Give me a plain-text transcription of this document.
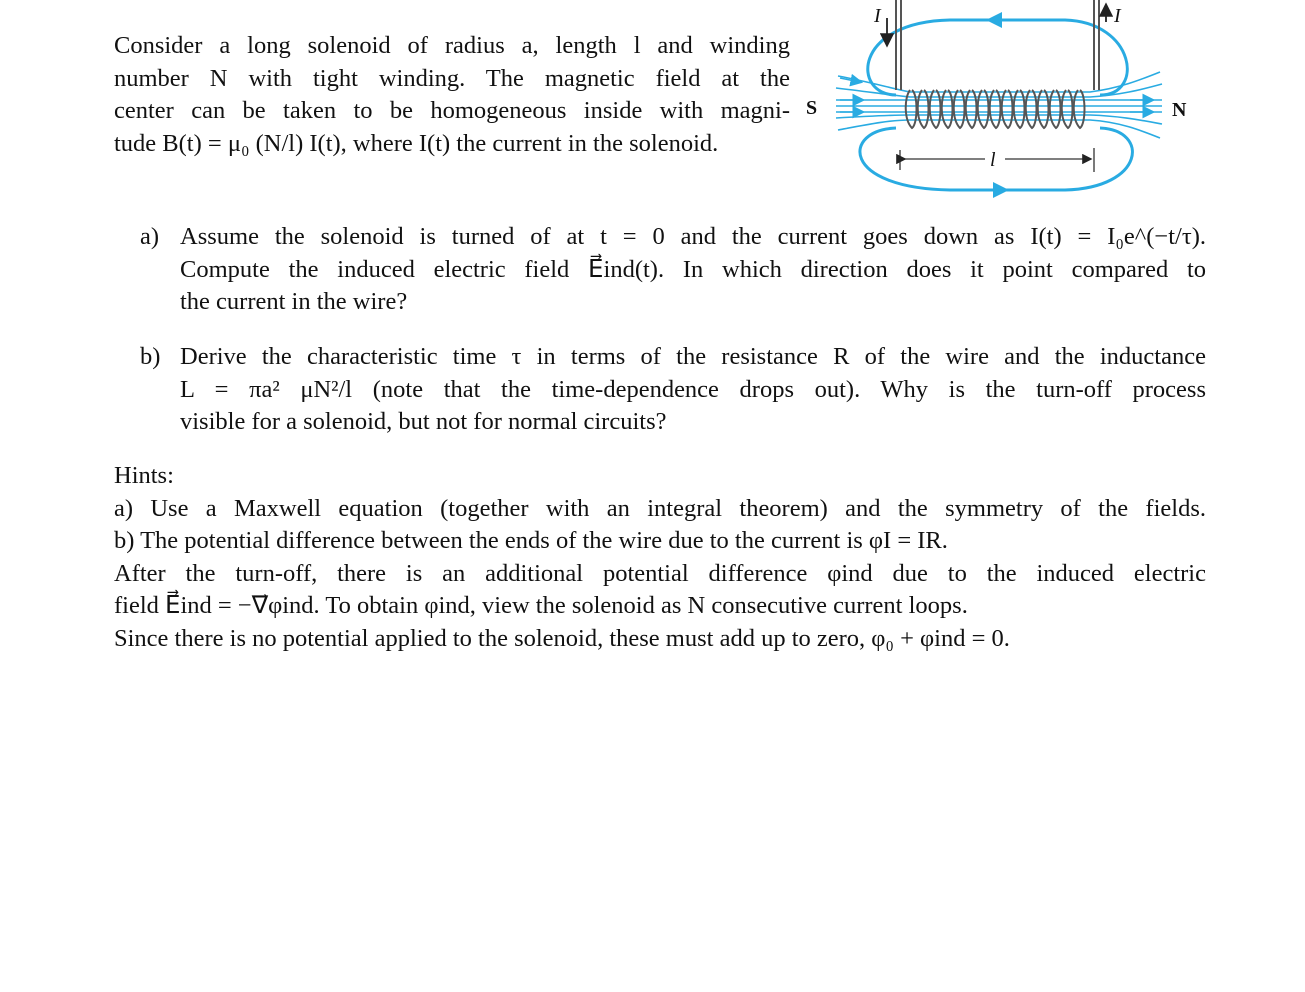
Consider a long solenoid of radius a, length l and winding
number N with tight winding. The magnetic field at the
center can be taken to be homogeneous inside with magni-
tude B(t) = μ₀ (N/l) I(t), where I(t) the current in the solenoid.
I	I
S	N
l
a) Assume the solenoid is turned of at t = 0 and the current goes down as I(t) = I₀e^(−t/τ).
Compute the induced electric field E⃗ind(t). In which direction does it point compared to
the current in the wire?
b) Derive the characteristic time τ in terms of the resistance R of the wire and the inductance
L = πa² μN²/l (note that the time-dependence drops out). Why is the turn-off process
visible for a solenoid, but not for normal circuits?
Hints:
a) Use a Maxwell equation (together with an integral theorem) and the symmetry of the fields.
b) The potential difference between the ends of the wire due to the current is φI = IR.
After the turn-off, there is an additional potential difference φind due to the induced electric
field E⃗ind = −∇⃗φind. To obtain φind, view the solenoid as N consecutive current loops.
Since there is no potential applied to the solenoid, these must add up to zero, φ₀ + φind = 0.
